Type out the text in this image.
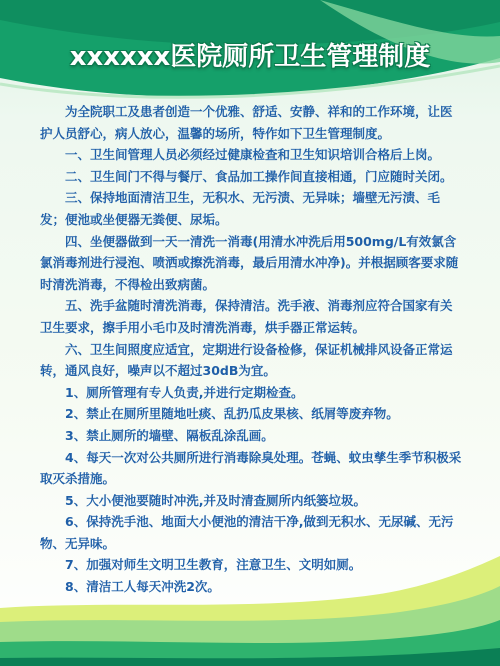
xxxxxx医院厕所卫生管理制度

为全院职工及患者创造一个优雅、舒适、安静、祥和的工作环境，让医护人员舒心，病人放心，温馨的场所，特作如下卫生管理制度。

一、卫生间管理人员必须经过健康检查和卫生知识培训合格后上岗。

二、卫生间门不得与餐厅、食品加工操作间直接相通，门应随时关闭。

三、保持地面清洁卫生，无积水、无污渍、无异味；墙壁无污渍、毛发；便池或坐便器无粪便、尿垢。

四、坐便器做到一天一清洗一消毒(用清水冲洗后用500mg/L有效氯含氯消毒剂进行浸泡、喷洒或擦洗消毒，最后用清水冲净)。并根据顾客要求随时清洗消毒，不得检出致病菌。

五、洗手盆随时清洗消毒，保持清洁。洗手液、消毒剂应符合国家有关卫生要求，擦手用小毛巾及时清洗消毒，烘手器正常运转。

六、卫生间照度应适宜，定期进行设备检修，保证机械排风设备正常运转，通风良好，噪声以不超过30dB为宜。

1、厕所管理有专人负责,并进行定期检查。

2、禁止在厕所里随地吐痰、乱扔瓜皮果核、纸屑等废弃物。

3、禁止厕所的墙壁、隔板乱涂乱画。

4、每天一次对公共厕所进行消毒除臭处理。苍蝇、蚊虫孳生季节积极采取灭杀措施。

5、大小便池要随时冲洗,并及时清查厕所内纸篓垃圾。

6、保持洗手池、地面大小便池的清洁干净,做到无积水、无尿碱、无污物、无异味。

7、加强对师生文明卫生教育，注意卫生、文明如厕。

8、清洁工人每天冲洗2次。
